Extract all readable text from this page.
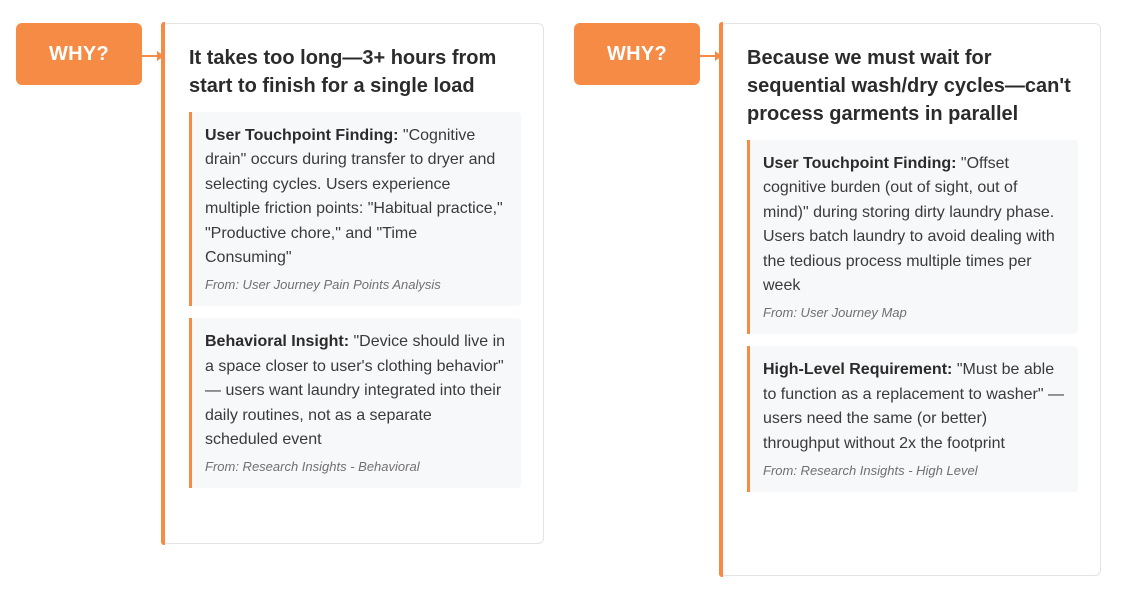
WHY?	It takes too long—3+ hours from start to finish for a single load

User Touchpoint Finding: "Cognitive drain" occurs during transfer to dryer and selecting cycles. Users experience multiple friction points: "Habitual practice," "Productive chore," and "Time Consuming"

From: User Journey Pain Points Analysis

Behavioral Insight: "Device should live in a space closer to user's clothing behavior" — users want laundry integrated into their daily routines, not as a separate scheduled event

From: Research Insights - Behavioral

WHY?	Because we must wait for sequential wash/dry cycles—can't process garments in parallel

User Touchpoint Finding: "Offset cognitive burden (out of sight, out of mind)" during storing dirty laundry phase. Users batch laundry to avoid dealing with the tedious process multiple times per week

From: User Journey Map

High-Level Requirement: "Must be able to function as a replacement to washer" — users need the same (or better) throughput without 2x the footprint

From: Research Insights - High Level
